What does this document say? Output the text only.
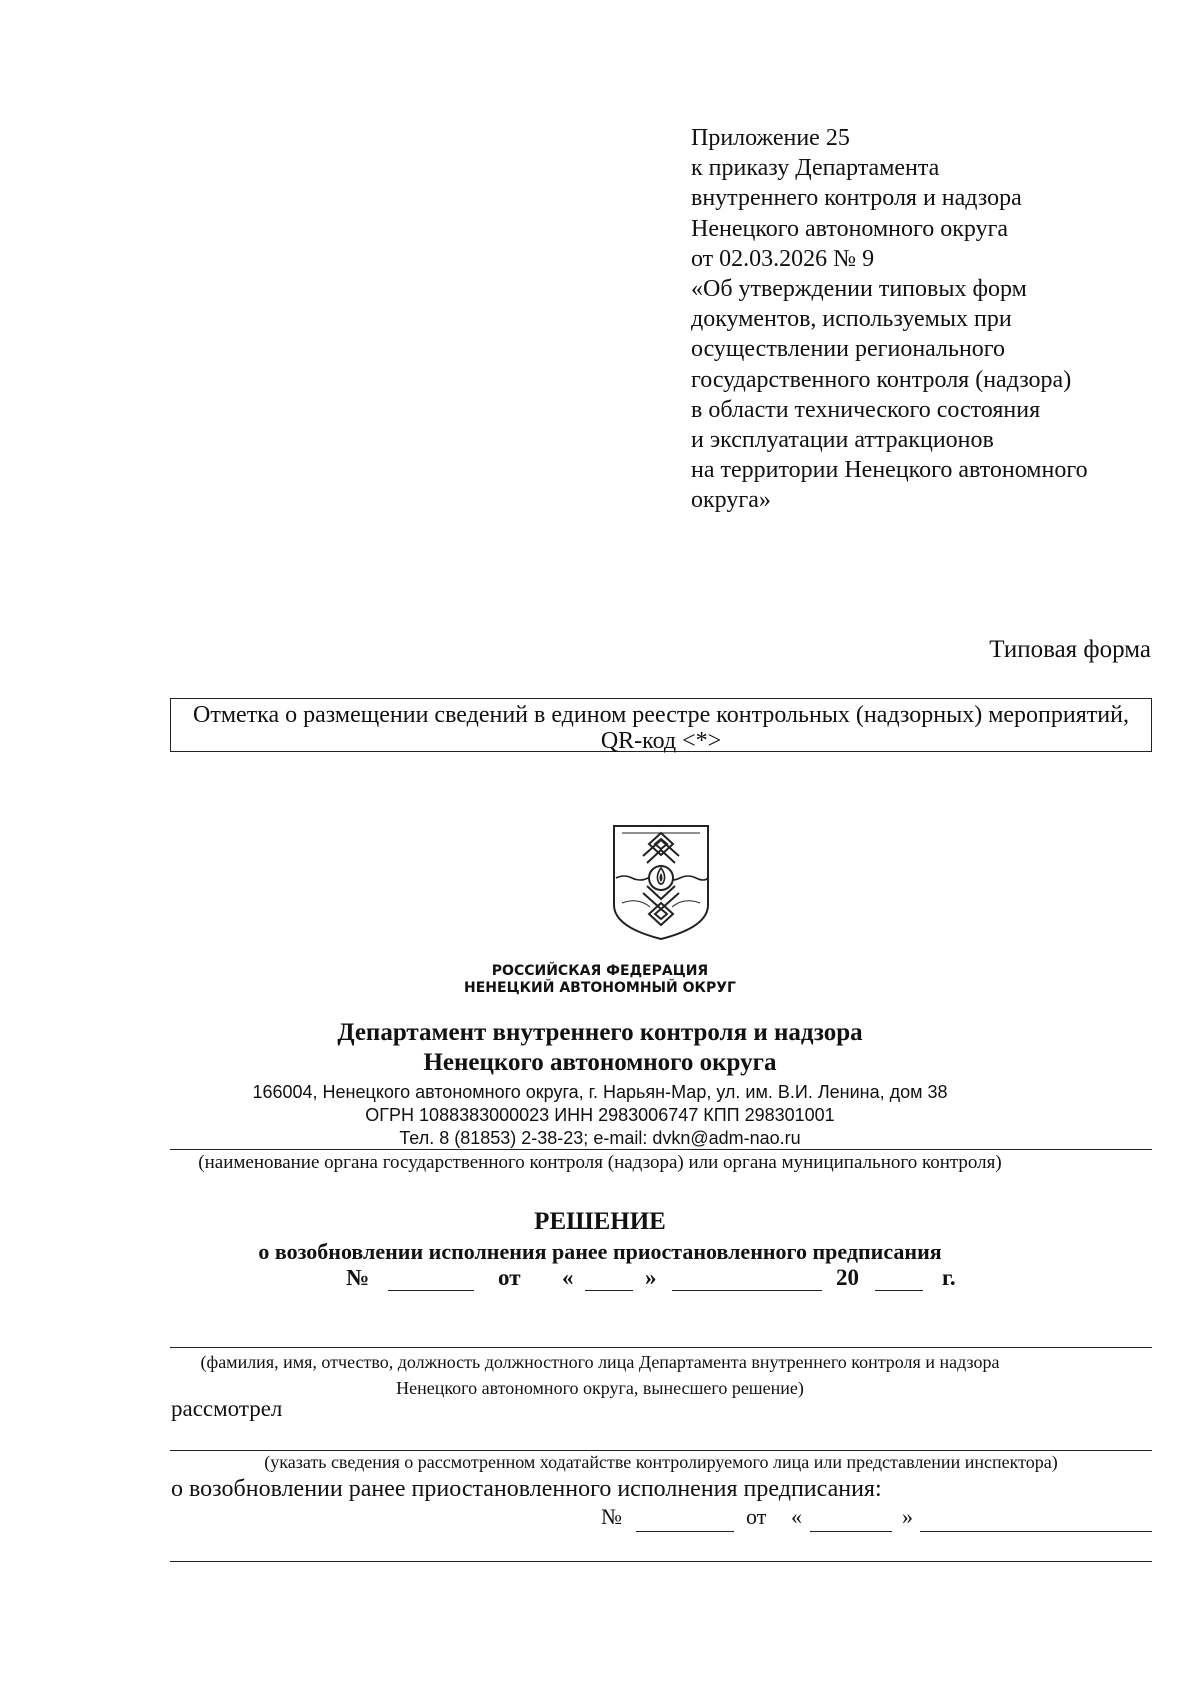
Приложение 25
к приказу Департамента
внутреннего контроля и надзора
Ненецкого автономного округа
от 02.03.2026 № 9
«Об утверждении типовых форм
документов, используемых при
осуществлении регионального
государственного контроля (надзора)
в области технического состояния
и эксплуатации аттракционов
на территории Ненецкого автономного
округа»
Типовая форма
Отметка о размещении сведений в едином реестре контрольных (надзорных) мероприятий,
QR-код <*>
РОССИЙСКАЯ ФЕДЕРАЦИЯ
НЕНЕЦКИЙ АВТОНОМНЫЙ ОКРУГ
Департамент внутреннего контроля и надзора
Ненецкого автономного округа
166004, Ненецкого автономного округа, г. Нарьян-Мар, ул. им. В.И. Ленина, дом 38
ОГРН 1088383000023 ИНН 2983006747 КПП 298301001
Тел. 8 (81853) 2-38-23; e-mail: dvkn@adm-nao.ru
(наименование органа государственного контроля (надзора) или органа муниципального контроля)
РЕШЕНИЕ
о возобновлении исполнения ранее приостановленного предписания
№	от «	»	20	г.
(фамилия, имя, отчество, должность должностного лица Департамента внутреннего контроля и надзора
Ненецкого автономного округа, вынесшего решение)
рассмотрел
(указать сведения о рассмотренном ходатайстве контролируемого лица или представлении инспектора)
о возобновлении ранее приостановленного исполнения предписания:
№	от «	»
